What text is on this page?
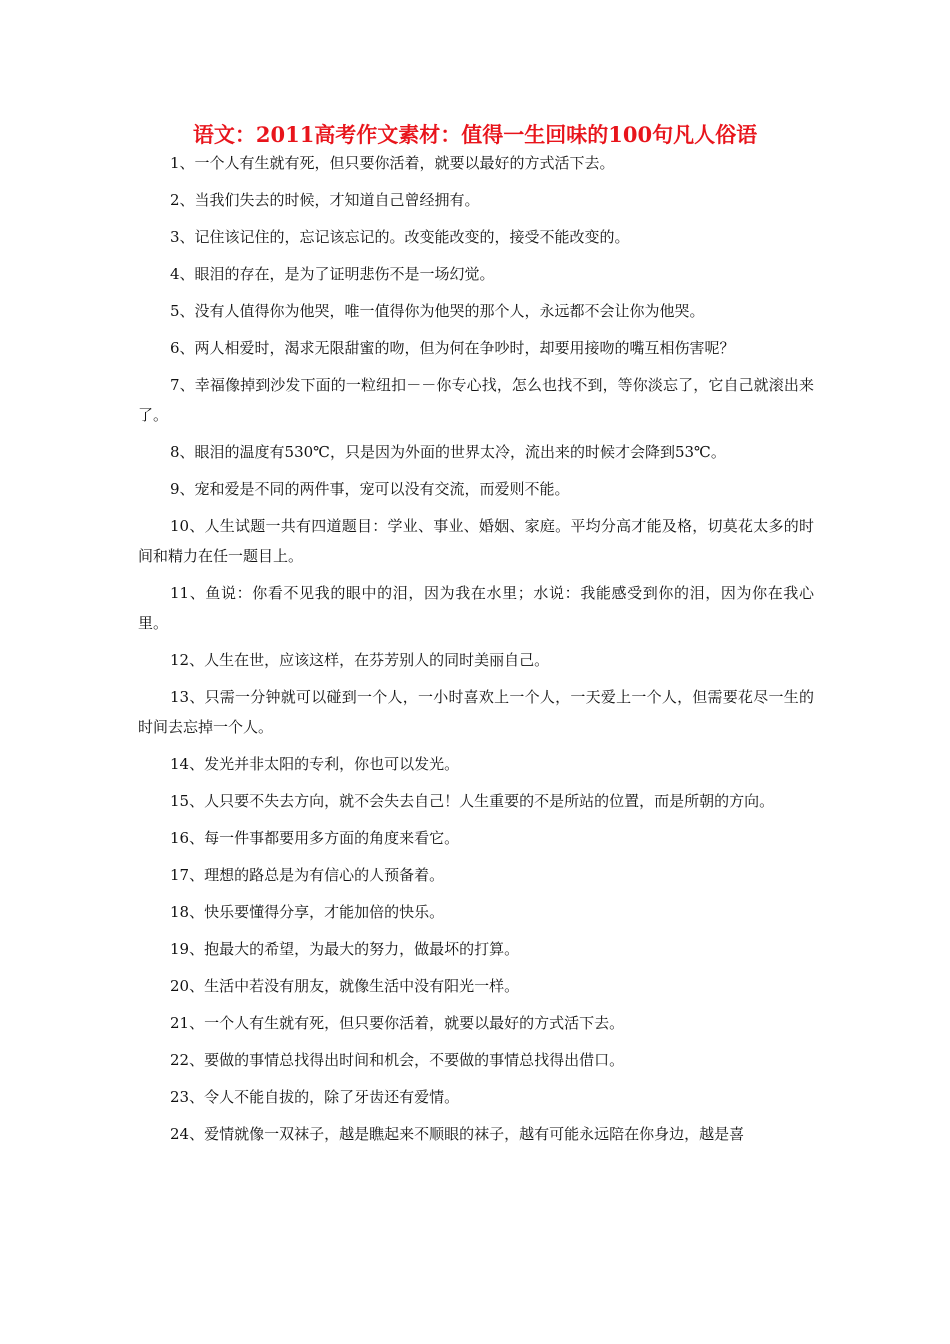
语文：2011高考作文素材：值得一生回味的100句凡人俗语

1、一个人有生就有死，但只要你活着，就要以最好的方式活下去。

2、当我们失去的时候，才知道自己曾经拥有。

3、记住该记住的，忘记该忘记的。改变能改变的，接受不能改变的。

4、眼泪的存在，是为了证明悲伤不是一场幻觉。

5、没有人值得你为他哭，唯一值得你为他哭的那个人，永远都不会让你为他哭。

6、两人相爱时，渴求无限甜蜜的吻，但为何在争吵时，却要用接吻的嘴互相伤害呢？

7、幸福像掉到沙发下面的一粒纽扣－－你专心找，怎么也找不到，等你淡忘了，它自己就滚出来了。

8、眼泪的温度有530℃，只是因为外面的世界太冷，流出来的时候才会降到53℃。

9、宠和爱是不同的两件事，宠可以没有交流，而爱则不能。

10、人生试题一共有四道题目：学业、事业、婚姻、家庭。平均分高才能及格，切莫花太多的时间和精力在任一题目上。

11、鱼说：你看不见我的眼中的泪，因为我在水里；水说：我能感受到你的泪，因为你在我心里。

12、人生在世，应该这样，在芬芳别人的同时美丽自己。

13、只需一分钟就可以碰到一个人，一小时喜欢上一个人，一天爱上一个人，但需要花尽一生的时间去忘掉一个人。

14、发光并非太阳的专利，你也可以发光。

15、人只要不失去方向，就不会失去自己！人生重要的不是所站的位置，而是所朝的方向。

16、每一件事都要用多方面的角度来看它。

17、理想的路总是为有信心的人预备着。

18、快乐要懂得分享，才能加倍的快乐。

19、抱最大的希望，为最大的努力，做最坏的打算。

20、生活中若没有朋友，就像生活中没有阳光一样。

21、一个人有生就有死，但只要你活着，就要以最好的方式活下去。

22、要做的事情总找得出时间和机会，不要做的事情总找得出借口。

23、令人不能自拔的，除了牙齿还有爱情。

24、爱情就像一双袜子，越是瞧起来不顺眼的袜子，越有可能永远陪在你身边，越是喜
